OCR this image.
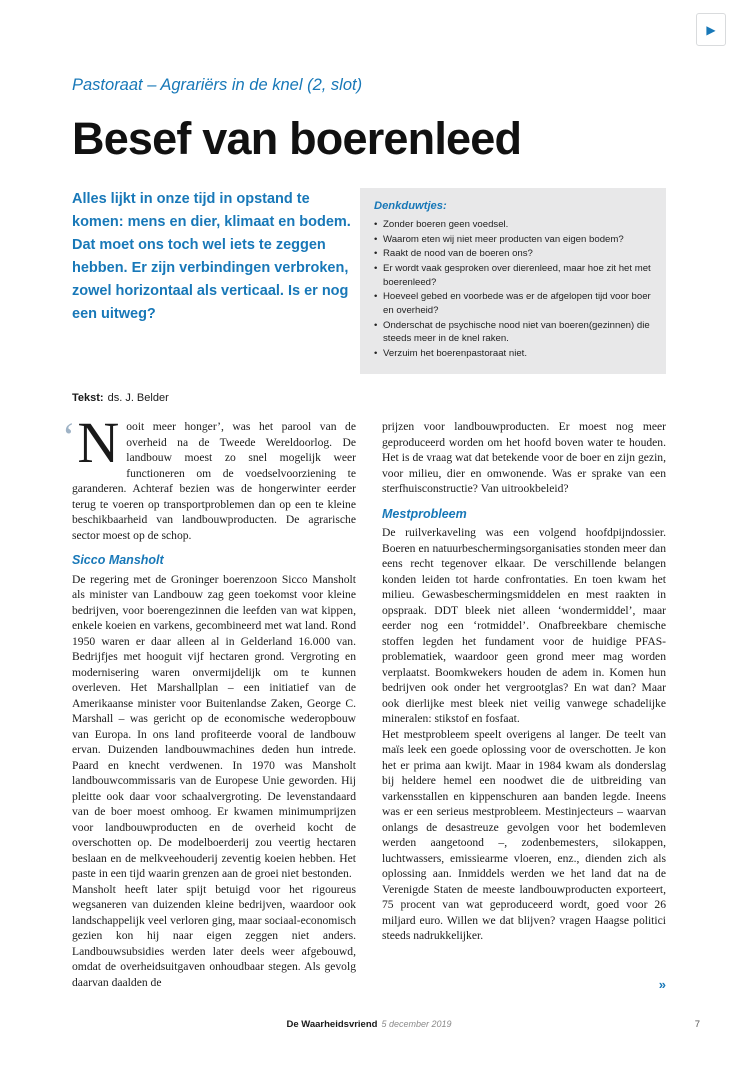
▶
Pastoraat – Agrariërs in de knel (2, slot)
Besef van boerenleed
Alles lijkt in onze tijd in opstand te komen: mens en dier, klimaat en bodem. Dat moet ons toch wel iets te zeggen hebben. Er zijn verbindingen verbroken, zowel horizontaal als verticaal. Is er nog een uitweg?
Denkduwtjes:
• Zonder boeren geen voedsel.
• Waarom eten wij niet meer producten van eigen bodem?
• Raakt de nood van de boeren ons?
• Er wordt vaak gesproken over dierenleed, maar hoe zit het met boerenleed?
• Hoeveel gebed en voorbede was er de afgelopen tijd voor boer en overheid?
• Onderschat de psychische nood niet van boeren(gezinnen) die steeds meer in de knel raken.
• Verzuim het boerenpastoraat niet.
Tekst: ds. J. Belder

‘ N ooit meer honger’, was het parool van de overheid na de Tweede Wereldoorlog. De landbouw moest zo snel mogelijk weer functioneren om de voedselvoorziening te garanderen. Achteraf bezien was de hongerwinter eerder terug te voeren op transportproblemen dan op een te kleine beschikbaarheid van landbouwproducten. De agrarische sector moest op de schop.

Sicco Mansholt

De regering met de Groninger boerenzoon Sicco Mansholt als minister van Landbouw zag geen toekomst voor kleine bedrijven, voor boerengezinnen die leefden van wat kippen, enkele koeien en varkens, gecombineerd met wat land. Rond 1950 waren er daar alleen al in Gelderland 16.000 van. Bedrijfjes met hooguit vijf hectaren grond. Vergroting en modernisering waren onvermijdelijk om te kunnen overleven. Het Marshallplan – een initiatief van de Amerikaanse minister voor Buitenlandse Zaken, George C. Marshall – was gericht op de economische wederopbouw van Europa. In ons land profiteerde vooral de landbouw ervan. Duizenden landbouwmachines deden hun intrede. Paard en knecht verdwenen. In 1970 was Mansholt landbouwcommissaris van de Europese Unie geworden. Hij pleitte ook daar voor schaalvergroting. De levenstandaard van de boer moest omhoog. Er kwamen minimumprijzen voor landbouwproducten en de overheid kocht de overschotten op. De modelboerderij zou veertig hectaren beslaan en de melkveehouderij zeventig koeien hebben. Het paste in een tijd waarin grenzen aan de groei niet bestonden.

Mansholt heeft later spijt betuigd voor het rigoureus wegsaneren van duizenden kleine bedrijven, waardoor ook landschappelijk veel verloren ging, maar sociaal-economisch gezien kon hij naar eigen zeggen niet anders. Landbouwsubsidies werden later deels weer afgebouwd, omdat de overheidsuitgaven onhoudbaar stegen. Als gevolg daarvan daalden de

prijzen voor landbouwproducten. Er moest nog meer geproduceerd worden om het hoofd boven water te houden. Het is de vraag wat dat betekende voor de boer en zijn gezin, voor milieu, dier en omwonende. Was er sprake van een sterfhuisconstructie? Van uitrookbeleid?

Mestprobleem

De ruilverkaveling was een volgend hoofdpijndossier. Boeren en natuurbeschermingsorganisaties stonden meer dan eens recht tegenover elkaar. De verschillende belangen konden leiden tot harde confrontaties. En toen kwam het milieu. Gewasbeschermingsmiddelen en mest raakten in opspraak. DDT bleek niet alleen ‘wondermiddel’, maar eerder nog een ‘rotmiddel’. Onafbreekbare chemische stoffen legden het fundament voor de huidige PFAS-problematiek, waardoor geen grond meer mag worden verplaatst. Boomkwekers houden de adem in. Komen hun bedrijven ook onder het vergrootglas? En wat dan? Maar ook dierlijke mest bleek niet veilig vanwege schadelijke mineralen: stikstof en fosfaat.

Het mestprobleem speelt overigens al langer. De teelt van maïs leek een goede oplossing voor de overschotten. Je kon het er prima aan kwijt. Maar in 1984 kwam als donderslag bij heldere hemel een noodwet die de uitbreiding van varkensstallen en kippenschuren aan banden legde. Ineens was er een serieus mestprobleem. Mestinjecteurs – waarvan onlangs de desastreuze gevolgen voor het bodemleven werden aangetoond –, zodenbemesters, silokappen, luchtwassers, emissiearme vloeren, enz., dienden zich als oplossing aan. Inmiddels werden we het land dat na de Verenigde Staten de meeste landbouwproducten exporteert, 75 procent van wat geproduceerd wordt, goed voor 26 miljard euro. Willen we dat blijven? vragen Haagse politici steeds nadrukkelijker.

»
De Waarheidsvriend 5 december 2019	7
